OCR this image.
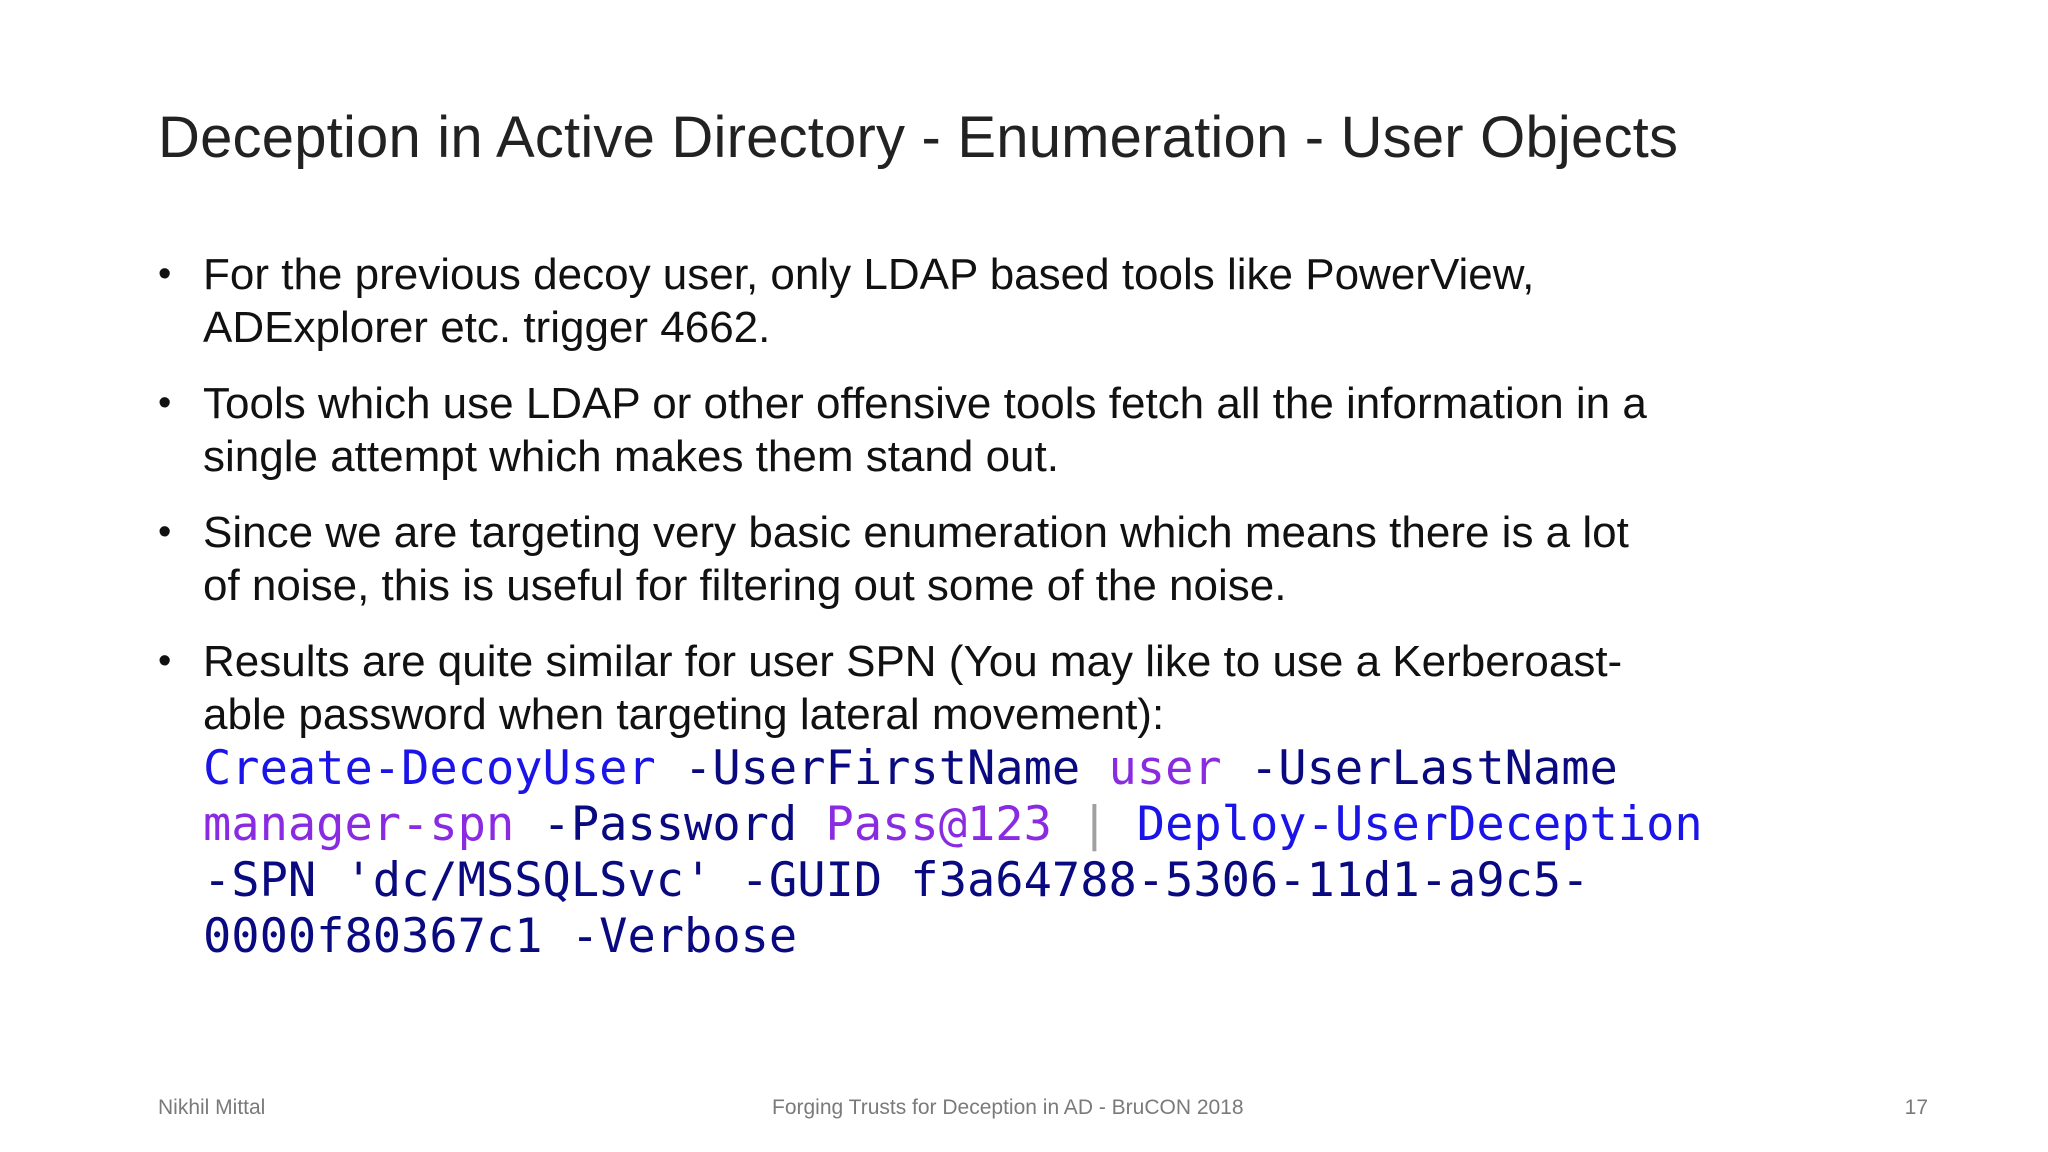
Deception in Active Directory - Enumeration - User Objects
• For the previous decoy user, only LDAP based tools like PowerView,
ADExplorer etc. trigger 4662.
• Tools which use LDAP or other offensive tools fetch all the information in a
single attempt which makes them stand out.
• Since we are targeting very basic enumeration which means there is a lot
of noise, this is useful for filtering out some of the noise.
• Results are quite similar for user SPN (You may like to use a Kerberoast-
able password when targeting lateral movement):
Create-DecoyUser -UserFirstName user -UserLastName
manager-spn -Password Pass@123 | Deploy-UserDeception
-SPN 'dc/MSSQLSvc' -GUID f3a64788-5306-11d1-a9c5-
0000f80367c1 -Verbose
Nikhil Mittal	Forging Trusts for Deception in AD - BruCON 2018	17
